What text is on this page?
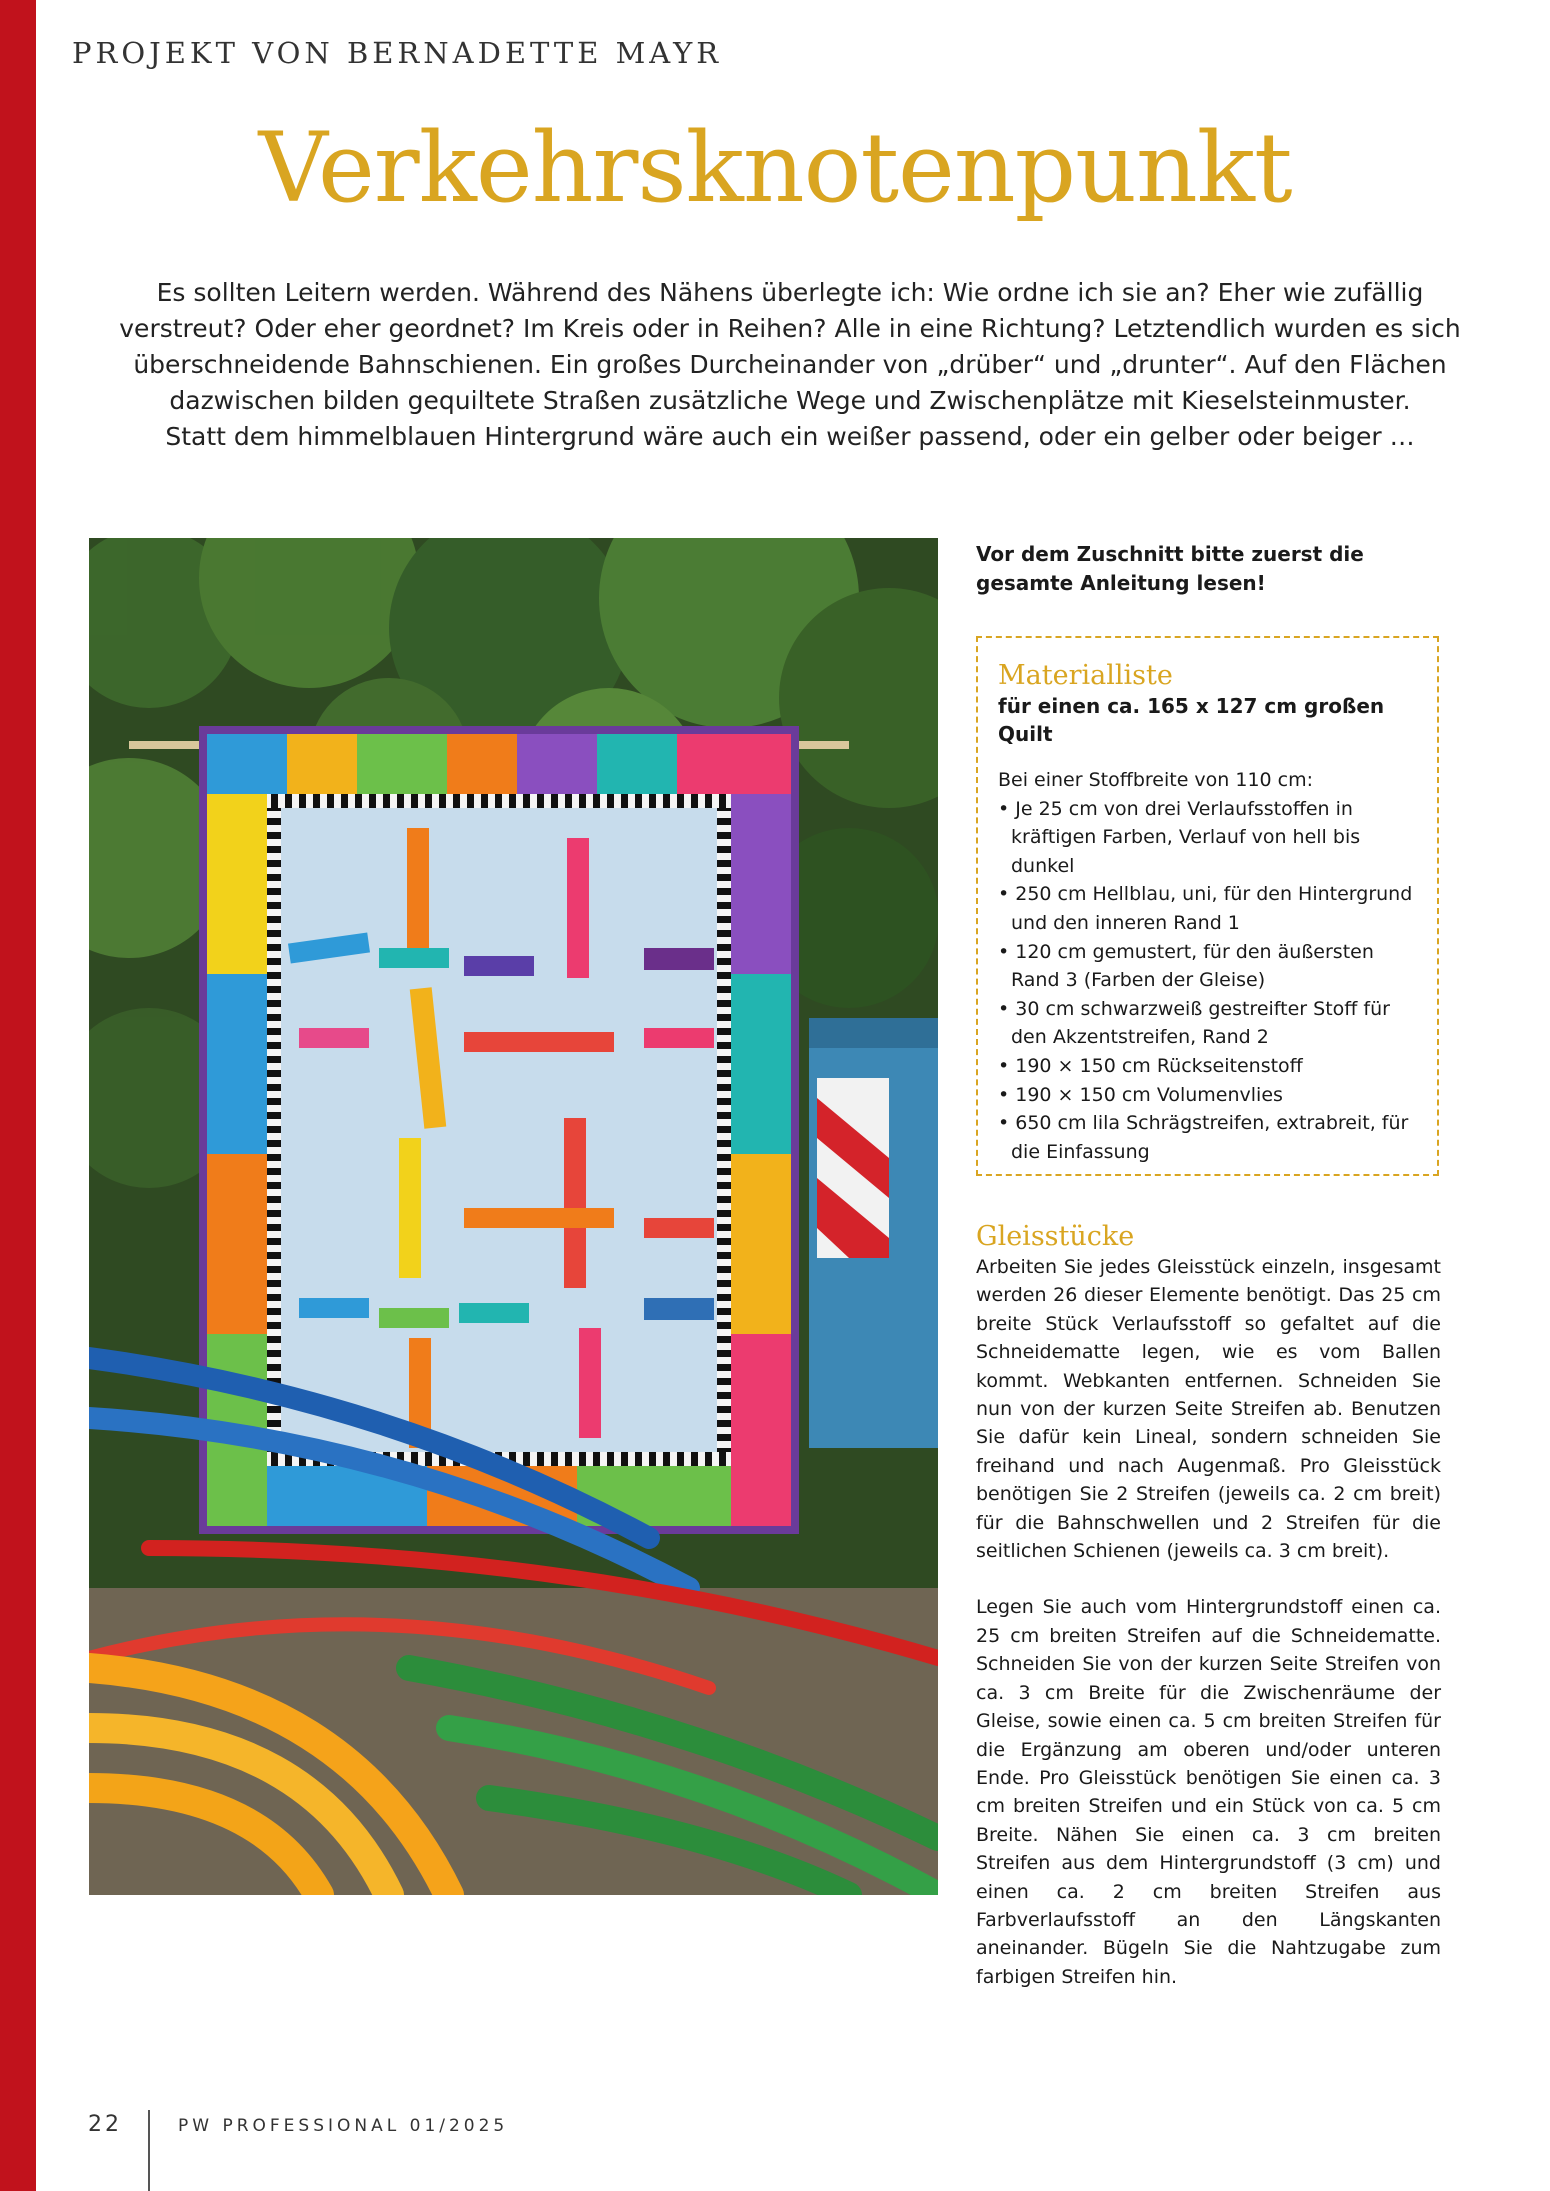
PROJEKT VON BERNADETTE MAYR
Verkehrsknotenpunkt

Es sollten Leitern werden. Während des Nähens überlegte ich: Wie ordne ich sie an? Eher wie zufällig

verstreut? Oder eher geordnet? Im Kreis oder in Reihen? Alle in eine Richtung? Letztendlich wurden es sich

überschneidende Bahnschienen. Ein großes Durcheinander von „drüber“ und „drunter“. Auf den Flächen

dazwischen bilden gequiltete Straßen zusätzliche Wege und Zwischenplätze mit Kieselsteinmuster.

Statt dem himmelblauen Hintergrund wäre auch ein weißer passend, oder ein gelber oder beiger …

Vor dem Zuschnitt bitte zuerst die gesamte Anleitung lesen!
Materialliste
für einen ca. 165 x 127 cm großen Quilt
Bei einer Stoffbreite von 110 cm:
• Je 25 cm von drei Verlaufsstoffen in kräftigen Farben, Verlauf von hell bis dunkel
• 250 cm Hellblau, uni, für den Hintergrund und den inneren Rand 1
• 120 cm gemustert, für den äußersten Rand 3 (Farben der Gleise)
• 30 cm schwarzweiß gestreifter Stoff für den Akzentstreifen, Rand 2
• 190 × 150 cm Rückseitenstoff
• 190 × 150 cm Volumenvlies
• 650 cm lila Schrägstreifen, extrabreit, für die Einfassung
Gleisstücke

Arbeiten Sie jedes Gleisstück einzeln, insgesamt werden 26 dieser Elemente benötigt. Das 25 cm breite Stück Verlaufsstoff so gefaltet auf die Schneidematte legen, wie es vom Ballen kommt. Webkanten entfernen. Schneiden Sie nun von der kurzen Seite Streifen ab. Benutzen Sie dafür kein Lineal, sondern schneiden Sie freihand und nach Augenmaß. Pro Gleisstück benötigen Sie 2 Streifen (jeweils ca. 2 cm breit) für die Bahnschwellen und 2 Streifen für die seitlichen Schienen (jeweils ca. 3 cm breit).

Legen Sie auch vom Hintergrundstoff einen ca. 25 cm breiten Streifen auf die Schneidematte. Schneiden Sie von der kurzen Seite Streifen von ca. 3 cm Breite für die Zwischenräume der Gleise, sowie einen ca. 5 cm breiten Streifen für die Ergänzung am oberen und/oder unteren Ende. Pro Gleisstück benötigen Sie einen ca. 3 cm breiten Streifen und ein Stück von ca. 5 cm Breite. Nähen Sie einen ca. 3 cm breiten Streifen aus dem Hintergrundstoff (3 cm) und einen ca. 2 cm breiten Streifen aus Farbverlaufsstoff an den Längskanten aneinander. Bügeln Sie die Nahtzugabe zum farbigen Streifen hin.

22	PW PROFESSIONAL 01/2025
